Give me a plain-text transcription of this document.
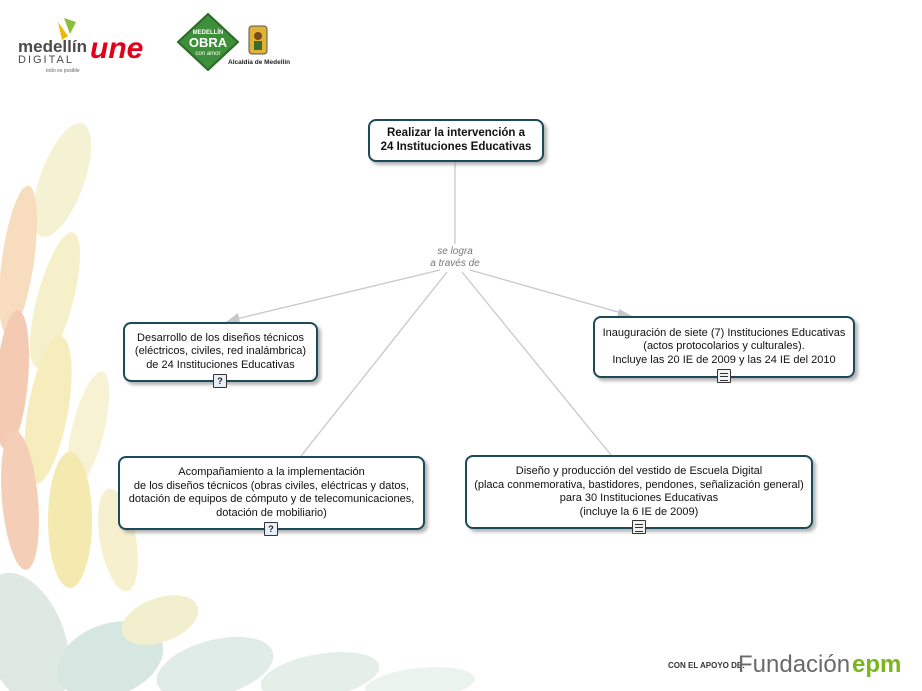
medellín
DIGITAL
todo es posible
une	MEDELLÍN
OBRA
con amor
Alcaldía de Medellín
CON EL APOYO DE:
Fundación epm
Realizar la intervención a
24 Instituciones Educativas
se logra
a través de
Desarrollo de los diseños técnicos
(eléctricos, civiles, red inalámbrica)
de 24 Instituciones Educativas
?
Inauguración de siete (7) Instituciones Educativas
(actos protocolarios y culturales).
Incluye las 20 IE de 2009 y las 24 IE del 2010
Acompañamiento a la implementación
de los diseños técnicos (obras civiles, eléctricas y datos,
dotación de equipos de cómputo y de telecomunicaciones,
dotación de mobiliario)
?
Diseño y producción del vestido de Escuela Digital
(placa conmemorativa, bastidores, pendones, señalización general)
para 30 Instituciones Educativas
(incluye la 6 IE de 2009)
